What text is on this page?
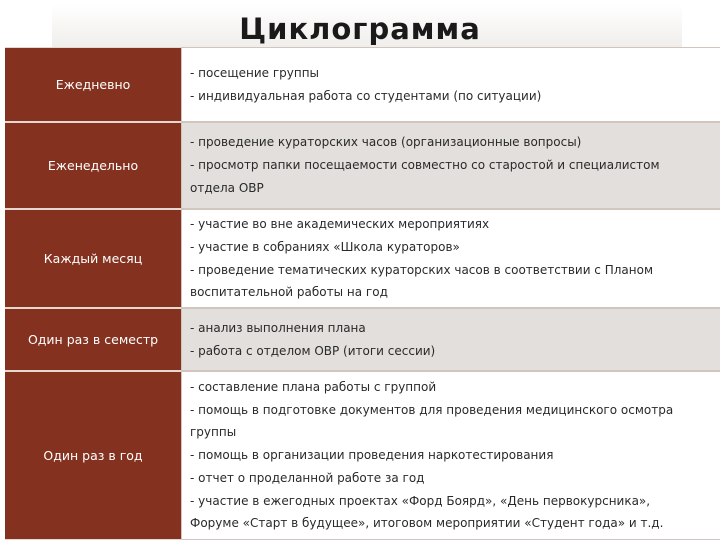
Циклограмма
Ежедневно
- посещение группы
- индивидуальная работа со студентами (по ситуации)
Еженедельно
- проведение кураторских часов (организационные вопросы)
- просмотр папки посещаемости совместно со старостой и специалистом
отдела ОВР
Каждый месяц
- участие во вне академических мероприятиях
- участие в собраниях «Школа кураторов»
- проведение тематических кураторских часов в соответствии с Планом
воспитательной работы на год
Один раз в семестр
- анализ выполнения плана
- работа с отделом ОВР (итоги сессии)
Один раз в год
- составление плана работы с группой
- помощь в подготовке документов для проведения медицинского осмотра
группы
- помощь в организации проведения наркотестирования
- отчет о проделанной работе за год
- участие в ежегодных проектах «Форд Боярд», «День первокурсника»,
Форуме «Старт в будущее», итоговом мероприятии «Студент года» и т.д.
